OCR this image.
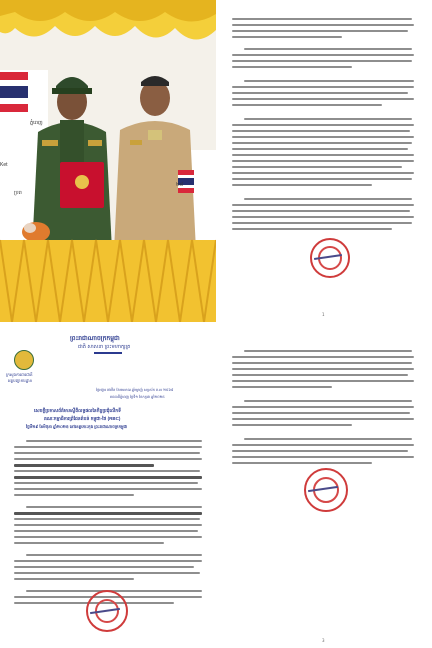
ភ្នំពេញ
Ket
ប្រព
២៨
1
ព្រះរាជាណាចក្រកម្ពុជា
ជាតិ សាសនា ព្រះមហាក្សត្រ
ក្រសួងការពារជាតិ
អគ្គបញ្ជាការដ្ឋាន
ថ្ងៃអង្គារ ៧កើត ខែអាសាឍ ឆ្នាំម្សាញ់ សប្តស័ក ព.ស ២៥៦៨
រាជធានីភ្នំពេញ ថ្ងៃទី១ ខែកក្កដា ឆ្នាំ២០២៥
សេចក្តីប្រកាសព័ត៌មានស្តីពីលទ្ធផលនៃកិច្ចប្រជុំលើកទី
គណៈកម្មាធិការព្រំដែនតំបន់ កម្ពុជា-ថៃ (RBC)
ថ្ងៃទី២៩ ខែមិថុនា ឆ្នាំ២០២៥ នៅខេត្តកោះកុង ព្រះរាជាណាចក្រកម្ពុជា
3
